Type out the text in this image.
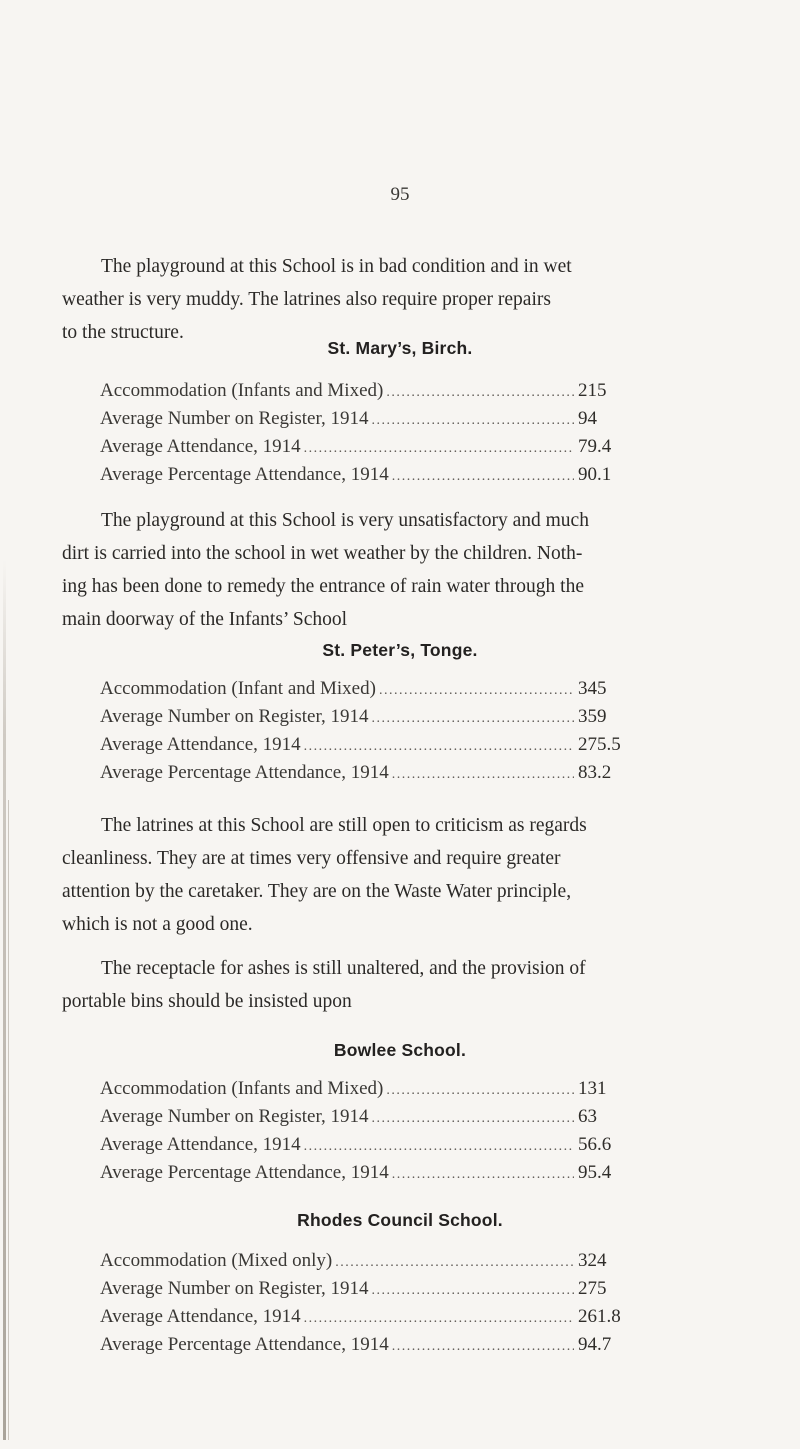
95

The playground at this School is in bad condition and in wet
weather is very muddy. The latrines also require proper repairs
to the structure.

St. Mary’s, Birch.
Accommodation (Infants and Mixed) .....	215
Average Number on Register, 1914 .....	94
Average Attendance, 1914 .....	79.4
Average Percentage Attendance, 1914 .....	90.1

The playground at this School is very unsatisfactory and much
dirt is carried into the school in wet weather by the children. Noth-
ing has been done to remedy the entrance of rain water through the
main doorway of the Infants’ School

St. Peter’s, Tonge.
Accommodation (Infant and Mixed) .....	345
Average Number on Register, 1914 .....	359
Average Attendance, 1914 .....	275.5
Average Percentage Attendance, 1914 .....	83.2

The latrines at this School are still open to criticism as regards
cleanliness. They are at times very offensive and require greater
attention by the caretaker. They are on the Waste Water principle,
which is not a good one.

The receptacle for ashes is still unaltered, and the provision of
portable bins should be insisted upon

Bowlee School.
Accommodation (Infants and Mixed) .....	131
Average Number on Register, 1914 .....	63
Average Attendance, 1914 .....	56.6
Average Percentage Attendance, 1914 .....	95.4
Rhodes Council School.
Accommodation (Mixed only) .....	324
Average Number on Register, 1914 .....	275
Average Attendance, 1914 .....	261.8
Average Percentage Attendance, 1914 .....	94.7
